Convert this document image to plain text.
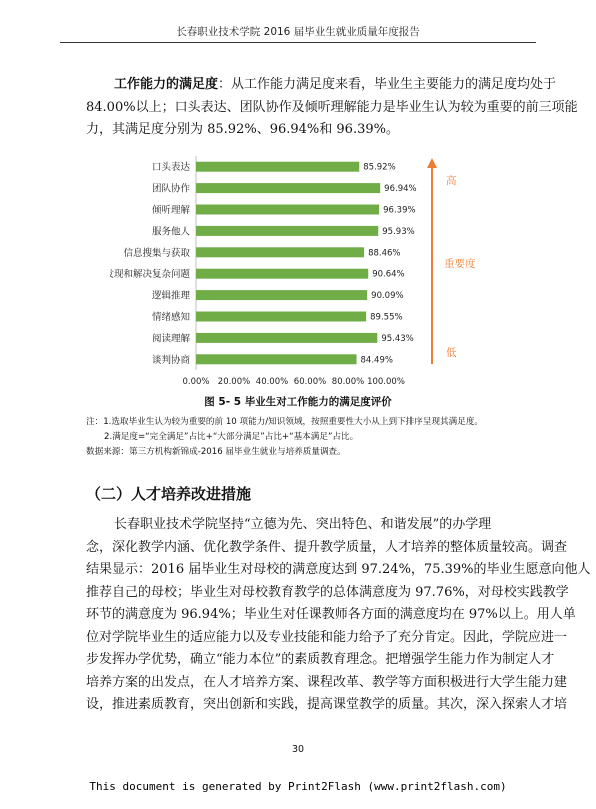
长春职业技术学院 2016 届毕业生就业质量年度报告
工作能力的满足度：从工作能力满足度来看，毕业生主要能力的满足度均处于
84.00%以上；口头表达、团队协作及倾听理解能力是毕业生认为较为重要的前三项能
力，其满足度分别为 85.92%、96.94%和 96.39%。
口头表达	85.92%
团队协作	96.94%
倾听理解	96.39%
服务他人	95.93%
信息搜集与获取	88.46%
发现和解决复杂问题	90.64%
逻辑推理	90.09%
情绪感知	89.55%
阅读理解	95.43%
谈判协商	84.49%
0.00% 20.00% 40.00% 60.00% 80.00% 100.00%
高
重要度
低
图 5- 5 毕业生对工作能力的满足度评价
注：1.选取毕业生认为较为重要的前 10 项能力/知识领域，按照重要性大小从上到下排序呈现其满足度。
2.满足度=“完全满足”占比+“大部分满足”占比+“基本满足”占比。
数据来源：第三方机构新锦成-2016 届毕业生就业与培养质量调查。
（二）人才培养改进措施
长春职业技术学院坚持“立德为先、突出特色、和谐发展”的办学理
念，深化教学内涵、优化教学条件、提升教学质量，人才培养的整体质量较高。调查
结果显示：2016 届毕业生对母校的满意度达到 97.24%，75.39%的毕业生愿意向他人
推荐自己的母校；毕业生对母校教育教学的总体满意度为 97.76%，对母校实践教学
环节的满意度为 96.94%；毕业生对任课教师各方面的满意度均在 97%以上。用人单
位对学院毕业生的适应能力以及专业技能和能力给予了充分肯定。因此，学院应进一
步发挥办学优势，确立“能力本位”的素质教育理念。把增强学生能力作为制定人才
培养方案的出发点，在人才培养方案、课程改革、教学等方面积极进行大学生能力建
设，推进素质教育，突出创新和实践，提高课堂教学的质量。其次，深入探索人才培
30
This document is generated by Print2Flash (www.print2flash.com)
